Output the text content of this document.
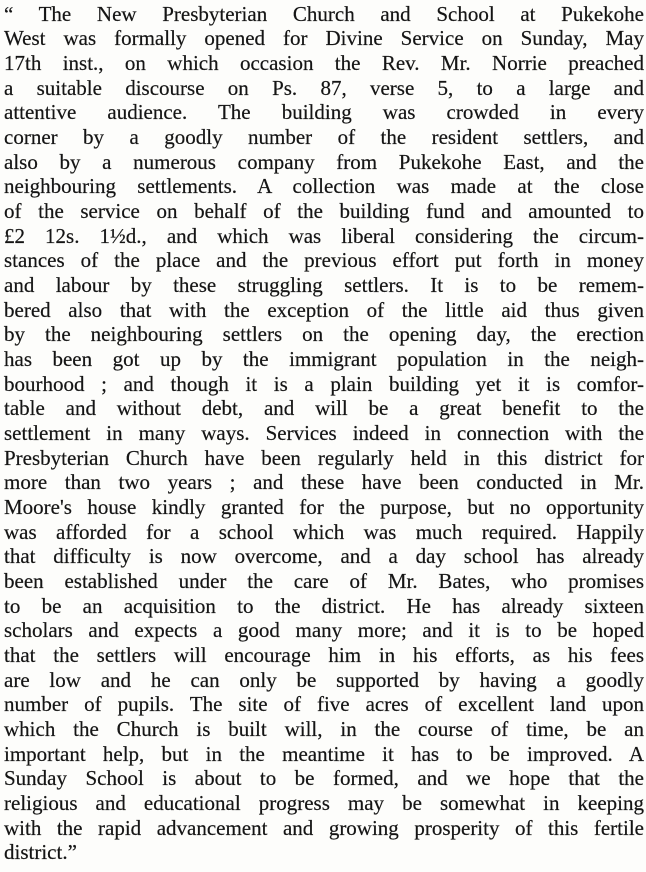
“ The New Presbyterian Church and School at Pukekohe
West was formally opened for Divine Service on Sunday, May
17th inst., on which occasion the Rev. Mr. Norrie preached
a suitable discourse on Ps. 87, verse 5, to a large and
attentive audience. The building was crowded in every
corner by a goodly number of the resident settlers, and
also by a numerous company from Pukekohe East, and the
neighbouring settlements. A collection was made at the close
of the service on behalf of the building fund and amounted to
£2 12s. 1½d., and which was liberal considering the circum-
stances of the place and the previous effort put forth in money
and labour by these struggling settlers. It is to be remem-
bered also that with the exception of the little aid thus given
by the neighbouring settlers on the opening day, the erection
has been got up by the immigrant population in the neigh-
bourhood ; and though it is a plain building yet it is comfor-
table and without debt, and will be a great benefit to the
settlement in many ways. Services indeed in connection with the
Presbyterian Church have been regularly held in this district for
more than two years ; and these have been conducted in Mr.
Moore's house kindly granted for the purpose, but no opportunity
was afforded for a school which was much required. Happily
that difficulty is now overcome, and a day school has already
been established under the care of Mr. Bates, who promises
to be an acquisition to the district. He has already sixteen
scholars and expects a good many more; and it is to be hoped
that the settlers will encourage him in his efforts, as his fees
are low and he can only be supported by having a goodly
number of pupils. The site of five acres of excellent land upon
which the Church is built will, in the course of time, be an
important help, but in the meantime it has to be improved. A
Sunday School is about to be formed, and we hope that the
religious and educational progress may be somewhat in keeping
with the rapid advancement and growing prosperity of this fertile
district.”
